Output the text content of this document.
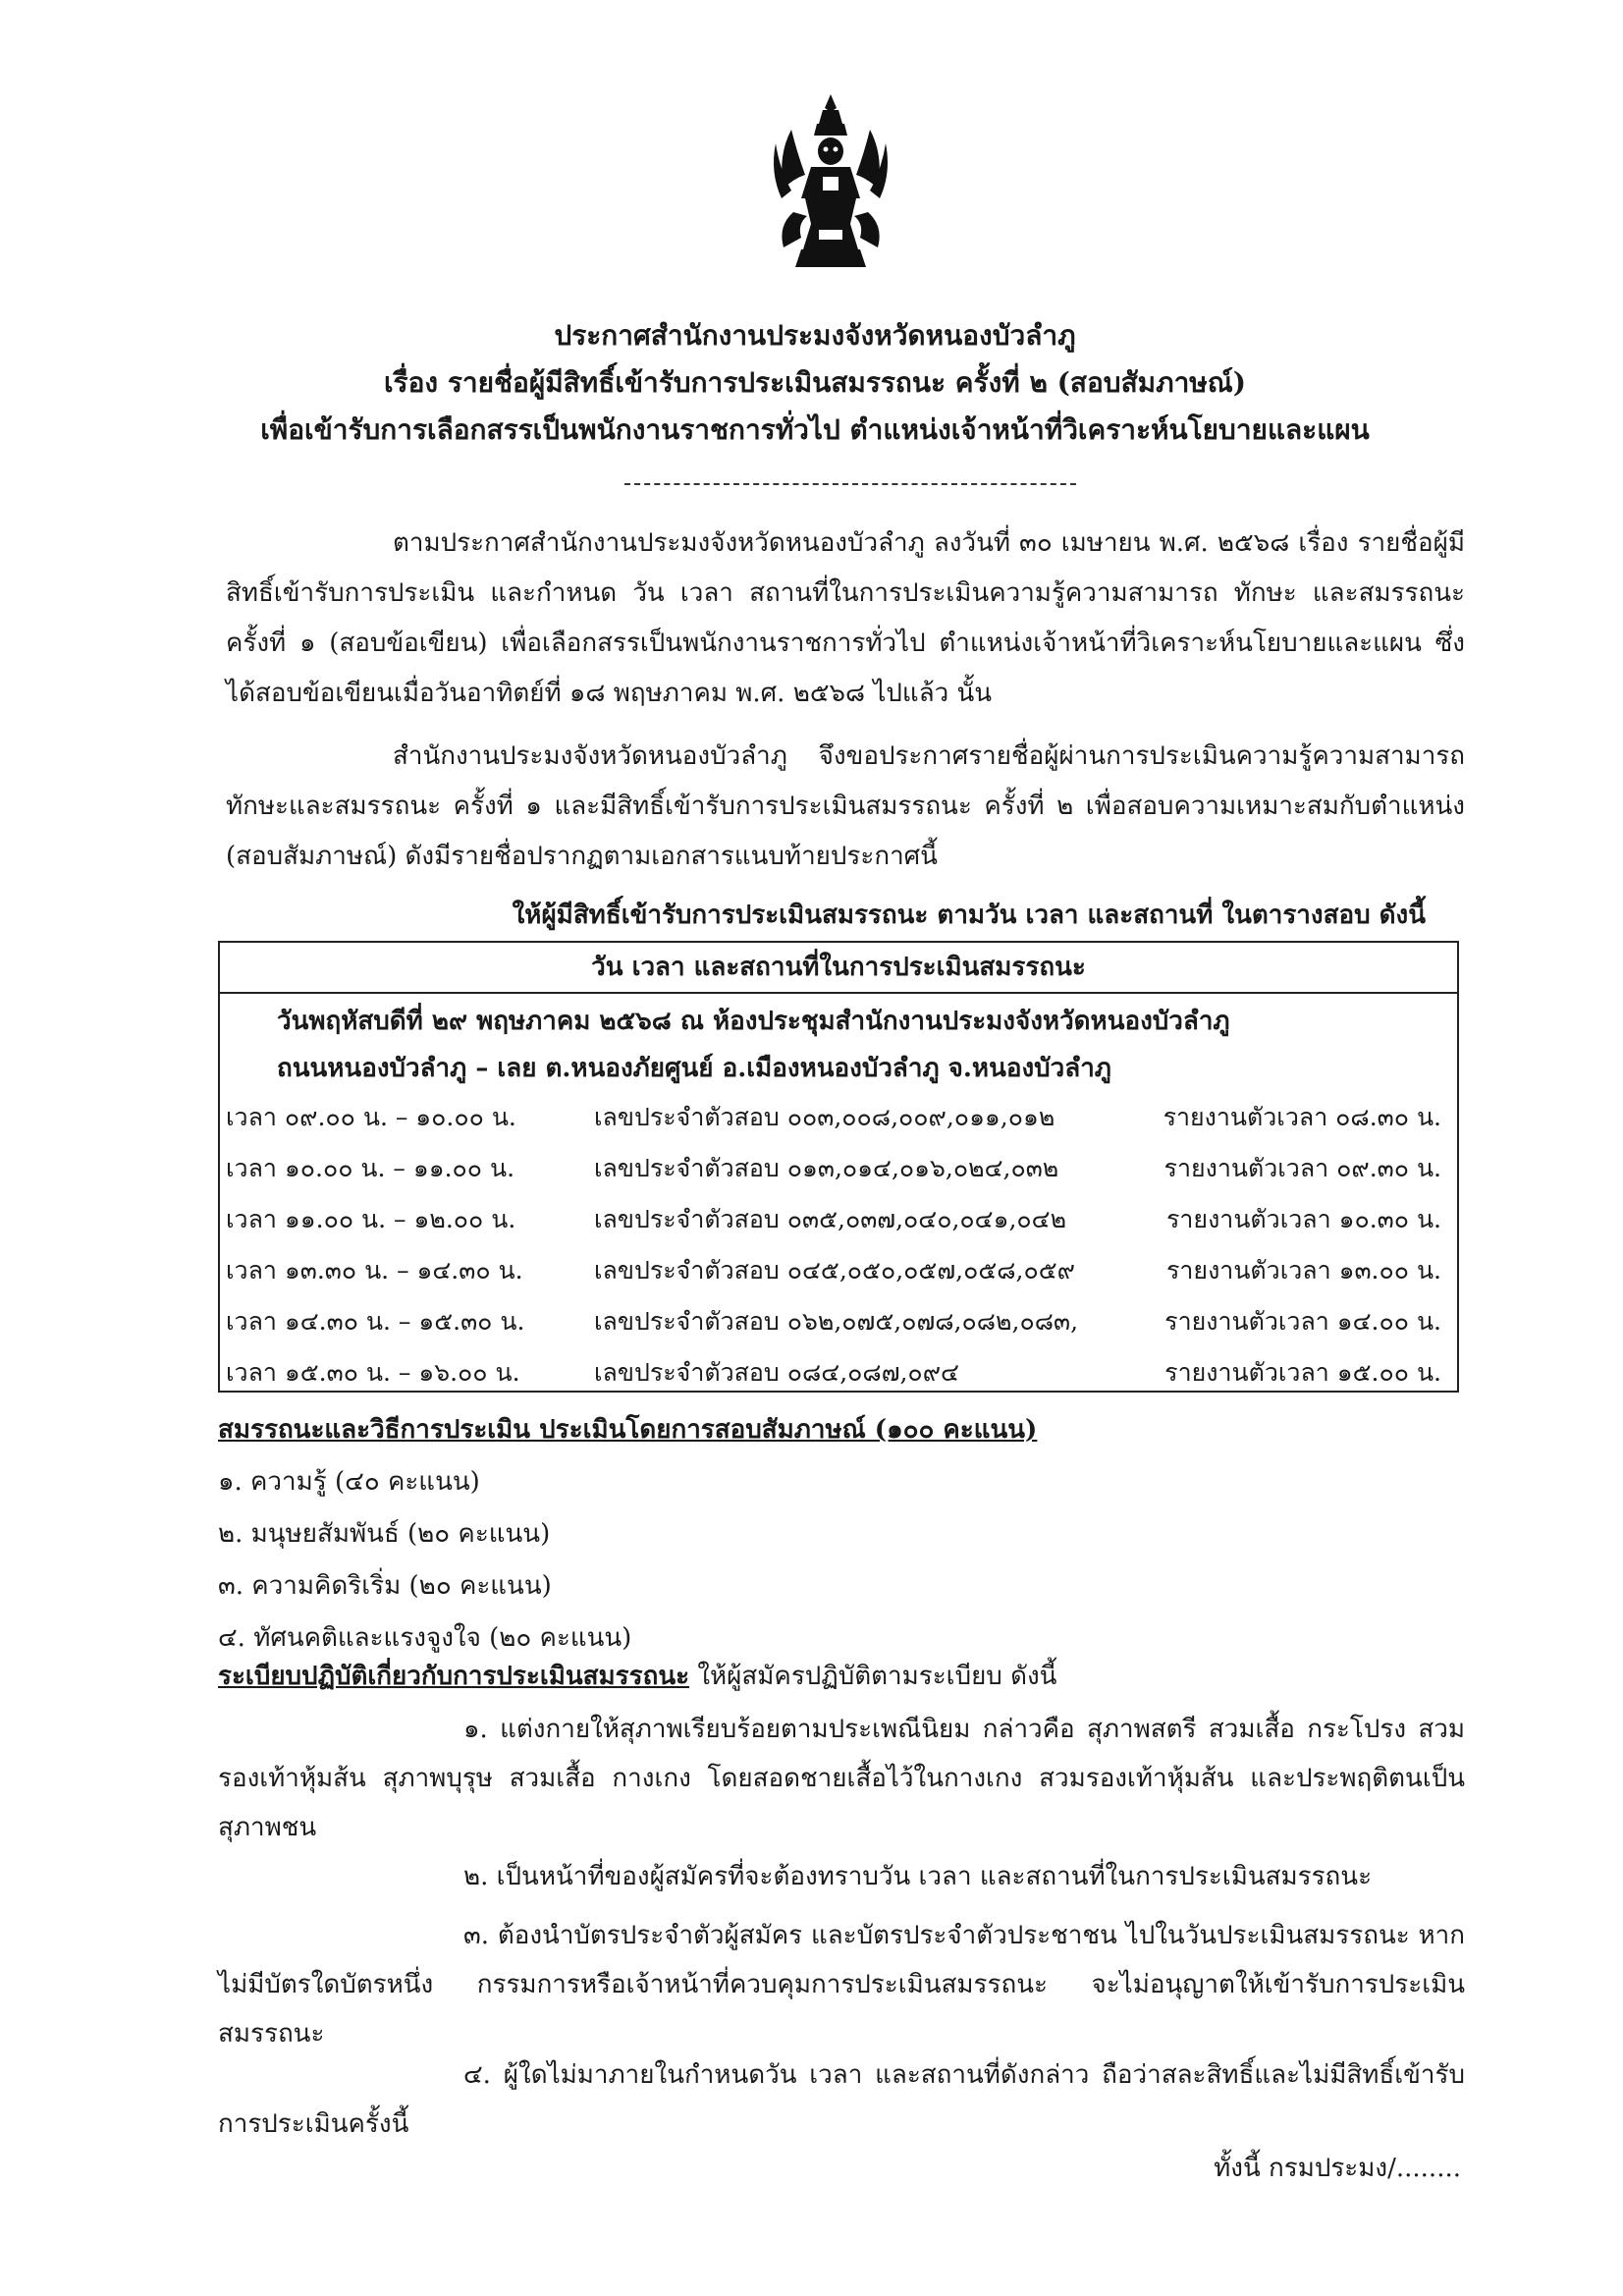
ประกาศสำนักงานประมงจังหวัดหนองบัวลำภู
เรื่อง รายชื่อผู้มีสิทธิ์เข้ารับการประเมินสมรรถนะ ครั้งที่ ๒ (สอบสัมภาษณ์)
เพื่อเข้ารับการเลือกสรรเป็นพนักงานราชการทั่วไป ตำแหน่งเจ้าหน้าที่วิเคราะห์นโยบายและแผน
ตามประกาศสำนักงานประมงจังหวัดหนองบัวลำภู ลงวันที่ ๓๐ เมษายน พ.ศ. ๒๕๖๘ เรื่อง รายชื่อผู้มีสิทธิ์เข้ารับการประเมิน และกำหนด วัน เวลา สถานที่ในการประเมินความรู้ความสามารถ ทักษะ และสมรรถนะ ครั้งที่ ๑ (สอบข้อเขียน) เพื่อเลือกสรรเป็นพนักงานราชการทั่วไป ตำแหน่งเจ้าหน้าที่วิเคราะห์นโยบายและแผน ซึ่งได้สอบข้อเขียนเมื่อวันอาทิตย์ที่ ๑๘ พฤษภาคม พ.ศ. ๒๕๖๘ ไปแล้ว นั้น
สำนักงานประมงจังหวัดหนองบัวลำภู จึงขอประกาศรายชื่อผู้ผ่านการประเมินความรู้ความสามารถทักษะและสมรรถนะ ครั้งที่ ๑ และมีสิทธิ์เข้ารับการประเมินสมรรถนะ ครั้งที่ ๒ เพื่อสอบความเหมาะสมกับตำแหน่ง (สอบสัมภาษณ์) ดังมีรายชื่อปรากฏตามเอกสารแนบท้ายประกาศนี้
ให้ผู้มีสิทธิ์เข้ารับการประเมินสมรรถนะ ตามวัน เวลา และสถานที่ ในตารางสอบ ดังนี้
วัน เวลา และสถานที่ในการประเมินสมรรถนะ
วันพฤหัสบดีที่ ๒๙ พฤษภาคม ๒๕๖๘ ณ ห้องประชุมสำนักงานประมงจังหวัดหนองบัวลำภู
ถนนหนองบัวลำภู – เลย ต.หนองภัยศูนย์ อ.เมืองหนองบัวลำภู จ.หนองบัวลำภู
เวลา ๐๙.๐๐ น. – ๑๐.๐๐ น.	เลขประจำตัวสอบ ๐๐๓,๐๐๘,๐๐๙,๐๑๑,๐๑๒	รายงานตัวเวลา ๐๘.๓๐ น.
เวลา ๑๐.๐๐ น. – ๑๑.๐๐ น.	เลขประจำตัวสอบ ๐๑๓,๐๑๔,๐๑๖,๐๒๔,๐๓๒	รายงานตัวเวลา ๐๙.๓๐ น.
เวลา ๑๑.๐๐ น. – ๑๒.๐๐ น.	เลขประจำตัวสอบ ๐๓๕,๐๓๗,๐๔๐,๐๔๑,๐๔๒	รายงานตัวเวลา ๑๐.๓๐ น.
เวลา ๑๓.๓๐ น. – ๑๔.๓๐ น.	เลขประจำตัวสอบ ๐๔๕,๐๕๐,๐๕๗,๐๕๘,๐๕๙	รายงานตัวเวลา ๑๓.๐๐ น.
เวลา ๑๔.๓๐ น. – ๑๕.๓๐ น.	เลขประจำตัวสอบ ๐๖๒,๐๗๕,๐๗๘,๐๘๒,๐๘๓,	รายงานตัวเวลา ๑๔.๐๐ น.
เวลา ๑๕.๓๐ น. – ๑๖.๐๐ น.	เลขประจำตัวสอบ ๐๘๔,๐๘๗,๐๙๔	รายงานตัวเวลา ๑๕.๐๐ น.
สมรรถนะและวิธีการประเมิน ประเมินโดยการสอบสัมภาษณ์ (๑๐๐ คะแนน)
๑. ความรู้ (๔๐ คะแนน)
๒. มนุษยสัมพันธ์ (๒๐ คะแนน)
๓. ความคิดริเริ่ม (๒๐ คะแนน)
๔. ทัศนคติและแรงจูงใจ (๒๐ คะแนน)
ระเบียบปฏิบัติเกี่ยวกับการประเมินสมรรถนะ ให้ผู้สมัครปฏิบัติตามระเบียบ ดังนี้
๑. แต่งกายให้สุภาพเรียบร้อยตามประเพณีนิยม กล่าวคือ สุภาพสตรี สวมเสื้อ กระโปรง สวมรองเท้าหุ้มส้น สุภาพบุรุษ สวมเสื้อ กางเกง โดยสอดชายเสื้อไว้ในกางเกง สวมรองเท้าหุ้มส้น และประพฤติตนเป็นสุภาพชน
๒. เป็นหน้าที่ของผู้สมัครที่จะต้องทราบวัน เวลา และสถานที่ในการประเมินสมรรถนะ
๓. ต้องนำบัตรประจำตัวผู้สมัคร และบัตรประจำตัวประชาชน ไปในวันประเมินสมรรถนะ หากไม่มีบัตรใดบัตรหนึ่ง กรรมการหรือเจ้าหน้าที่ควบคุมการประเมินสมรรถนะ จะไม่อนุญาตให้เข้ารับการประเมินสมรรถนะ
๔. ผู้ใดไม่มาภายในกำหนดวัน เวลา และสถานที่ดังกล่าว ถือว่าสละสิทธิ์และไม่มีสิทธิ์เข้ารับการประเมินครั้งนี้
ทั้งนี้ กรมประมง/........
